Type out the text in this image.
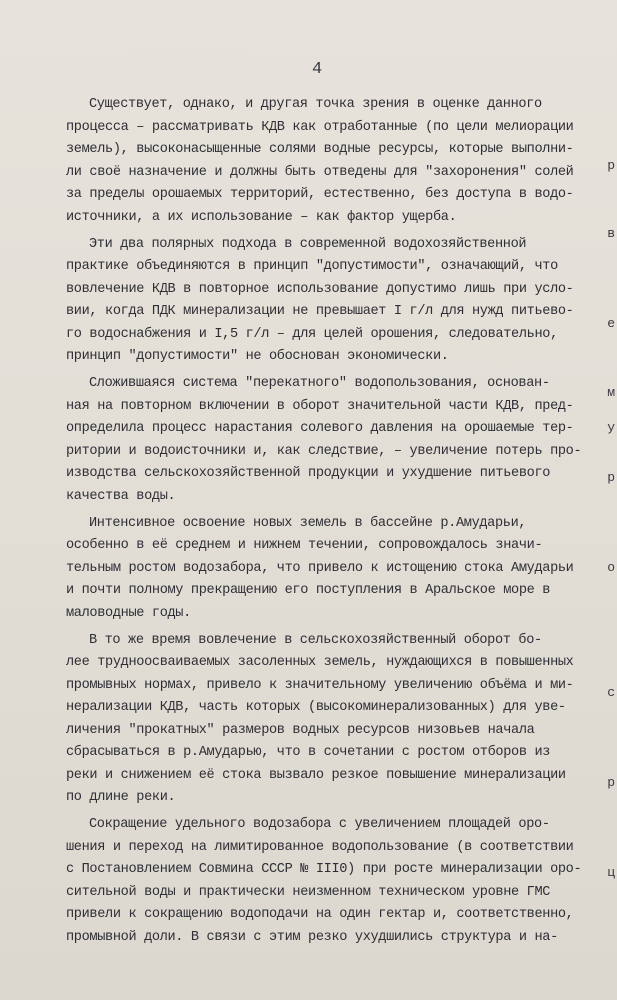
4
Существует, однако, и другая точка зрения в оценке данного
процесса – рассматривать КДВ как отработанные (по цели мелиорации
земель), высоконасыщенные солями водные ресурсы, которые выполни-
ли своё назначение и должны быть отведены для "захоронения" солей
за пределы орошаемых территорий, естественно, без доступа в водо-
источники, а их использование – как фактор ущерба.
Эти два полярных подхода в современной водохозяйственной
практике объединяются в принцип "допустимости", означающий, что
вовлечение КДВ в повторное использование допустимо лишь при усло-
вии, когда ПДК минерализации не превышает I г/л для нужд питьево-
го водоснабжения и I,5 г/л – для целей орошения, следовательно,
принцип "допустимости" не обоснован экономически.
Сложившаяся система "перекатного" водопользования, основан-
ная на повторном включении в оборот значительной части КДВ, пред-
определила процесс нарастания солевого давления на орошаемые тер-
ритории и водоисточники и, как следствие, – увеличение потерь про-
изводства сельскохозяйственной продукции и ухудшение питьевого
качества воды.
Интенсивное освоение новых земель в бассейне р.Амударьи,
особенно в её среднем и нижнем течении, сопровождалось значи-
тельным ростом водозабора, что привело к истощению стока Амударьи
и почти полному прекращению его поступления в Аральское море в
маловодные годы.
В то же время вовлечение в сельскохозяйственный оборот бо-
лее трудноосваиваемых засоленных земель, нуждающихся в повышенных
промывных нормах, привело к значительному увеличению объёма и ми-
нерализации КДВ, часть которых (высокоминерализованных) для уве-
личения "прокатных" размеров водных ресурсов низовьев начала
сбрасываться в р.Амударью, что в сочетании с ростом отборов из
реки и снижением её стока вызвало резкое повышение минерализации
по длине реки.
Сокращение удельного водозабора с увеличением площадей оро-
шения и переход на лимитированное водопользование (в соответствии
с Постановлением Совмина СССР № III0) при росте минерализации оро-
сительной воды и практически неизменном техническом уровне ГМС
привели к сокращению водоподачи на один гектар и, соответственно,
промывной доли. В связи с этим резко ухудшились структура и на-
р
в
е
м
у
р
о
с
р
ц
